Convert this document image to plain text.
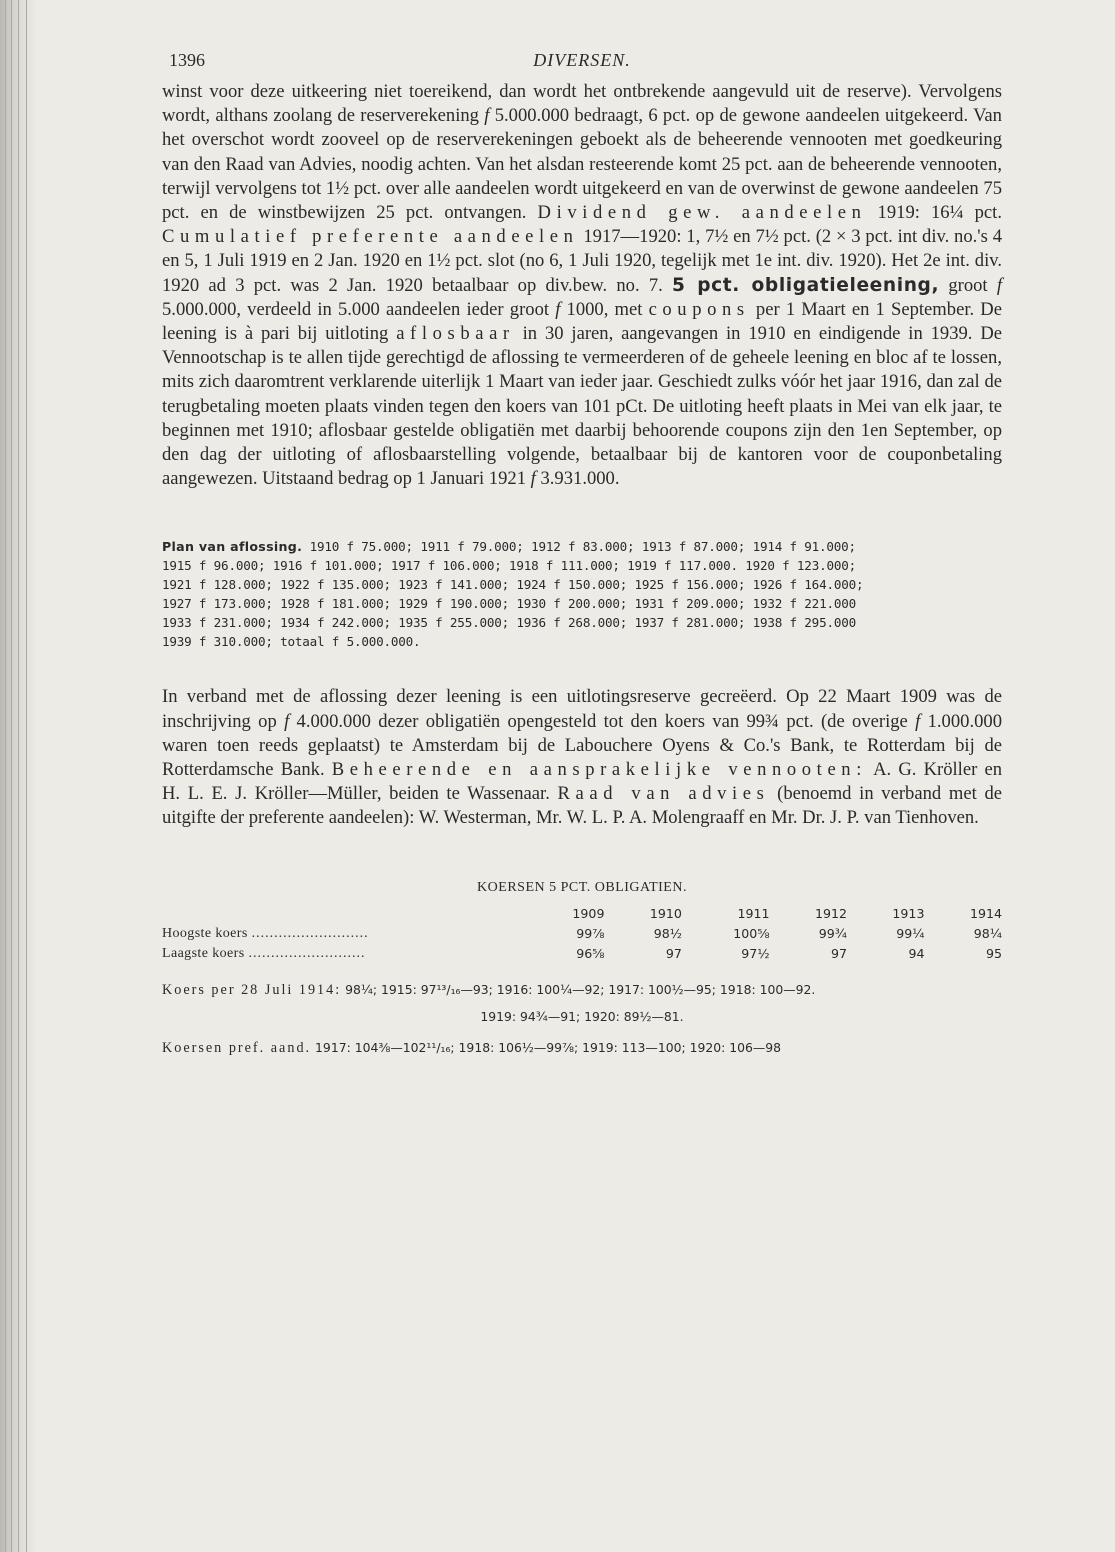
1396	DIVERSEN.

winst voor deze uitkeering niet toereikend, dan wordt het ontbrekende aangevuld uit de reserve). Vervolgens wordt, althans zoolang de reserverekening f 5.000.000 bedraagt, 6 pct. op de gewone aandeelen uitgekeerd. Van het overschot wordt zooveel op de reserverekeningen geboekt als de beheerende vennooten met goedkeuring van den Raad van Advies, noodig achten. Van het alsdan resteerende komt 25 pct. aan de beheerende vennooten, terwijl vervolgens tot 1½ pct. over alle aandeelen wordt uitgekeerd en van de overwinst de gewone aandeelen 75 pct. en de winstbewijzen 25 pct. ontvangen. Dividend gew. aandeelen 1919: 16¼ pct. Cumulatief preferente aandeelen 1917—1920: 1, 7½ en 7½ pct. (2 × 3 pct. int div. no.'s 4 en 5, 1 Juli 1919 en 2 Jan. 1920 en 1½ pct. slot (no 6, 1 Juli 1920, tegelijk met 1e int. div. 1920). Het 2e int. div. 1920 ad 3 pct. was 2 Jan. 1920 betaalbaar op div.bew. no. 7. 5 pct. obligatieleening, groot f 5.000.000, verdeeld in 5.000 aandeelen ieder groot f 1000, met coupons per 1 Maart en 1 September. De leening is à pari bij uitloting aflosbaar in 30 jaren, aangevangen in 1910 en eindigende in 1939. De Vennootschap is te allen tijde gerechtigd de aflossing te vermeerderen of de geheele leening en bloc af te lossen, mits zich daaromtrent verklarende uiterlijk 1 Maart van ieder jaar. Geschiedt zulks vóór het jaar 1916, dan zal de terugbetaling moeten plaats vinden tegen den koers van 101 pCt. De uitloting heeft plaats in Mei van elk jaar, te beginnen met 1910; aflosbaar gestelde obligatiën met daarbij behoorende coupons zijn den 1en September, op den dag der uitloting of aflosbaarstelling volgende, betaalbaar bij de kantoren voor de couponbetaling aangewezen. Uitstaand bedrag op 1 Januari 1921 f 3.931.000.

Plan van aflossing. 1910 f 75.000; 1911 f 79.000; 1912 f 83.000; 1913 f 87.000; 1914 f 91.000;
1915 f 96.000; 1916 f 101.000; 1917 f 106.000; 1918 f 111.000; 1919 f 117.000. 1920 f 123.000;
1921 f 128.000; 1922 f 135.000; 1923 f 141.000; 1924 f 150.000; 1925 f 156.000; 1926 f 164.000;
1927 f 173.000; 1928 f 181.000; 1929 f 190.000; 1930 f 200.000; 1931 f 209.000; 1932 f 221.000
1933 f 231.000; 1934 f 242.000; 1935 f 255.000; 1936 f 268.000; 1937 f 281.000; 1938 f 295.000
1939 f 310.000; totaal f 5.000.000.

In verband met de aflossing dezer leening is een uitlotingsreserve gecreëerd. Op 22 Maart 1909 was de inschrijving op f 4.000.000 dezer obligatiën opengesteld tot den koers van 99¾ pct. (de overige f 1.000.000 waren toen reeds geplaatst) te Amsterdam bij de Labouchere Oyens & Co.'s Bank, te Rotterdam bij de Rotterdamsche Bank. Beheerende en aansprakelijke vennooten: A. G. Kröller en H. L. E. J. Kröller—Müller, beiden te Wassenaar. Raad van advies (benoemd in verband met de uitgifte der preferente aandeelen): W. Westerman, Mr. W. L. P. A. Molengraaff en Mr. Dr. J. P. van Tienhoven.

KOERSEN 5 PCT. OBLIGATIEN.
	1909	1910	1911	1912	1913	1914
Hoogste koers ..........................	99⅞	98½	100⅝	99¾	99¼	98¼
Laagste koers ..........................	96⅝	97	97½	97	94	95
Koers per 28 Juli 1914: 98¼; 1915: 97¹³/₁₆—93; 1916: 100¼—92; 1917: 100½—95; 1918: 100—92.
1919: 94¾—91; 1920: 89½—81.
Koersen pref. aand. 1917: 104⅜—102¹¹/₁₆; 1918: 106½—99⅞; 1919: 113—100; 1920: 106—98
